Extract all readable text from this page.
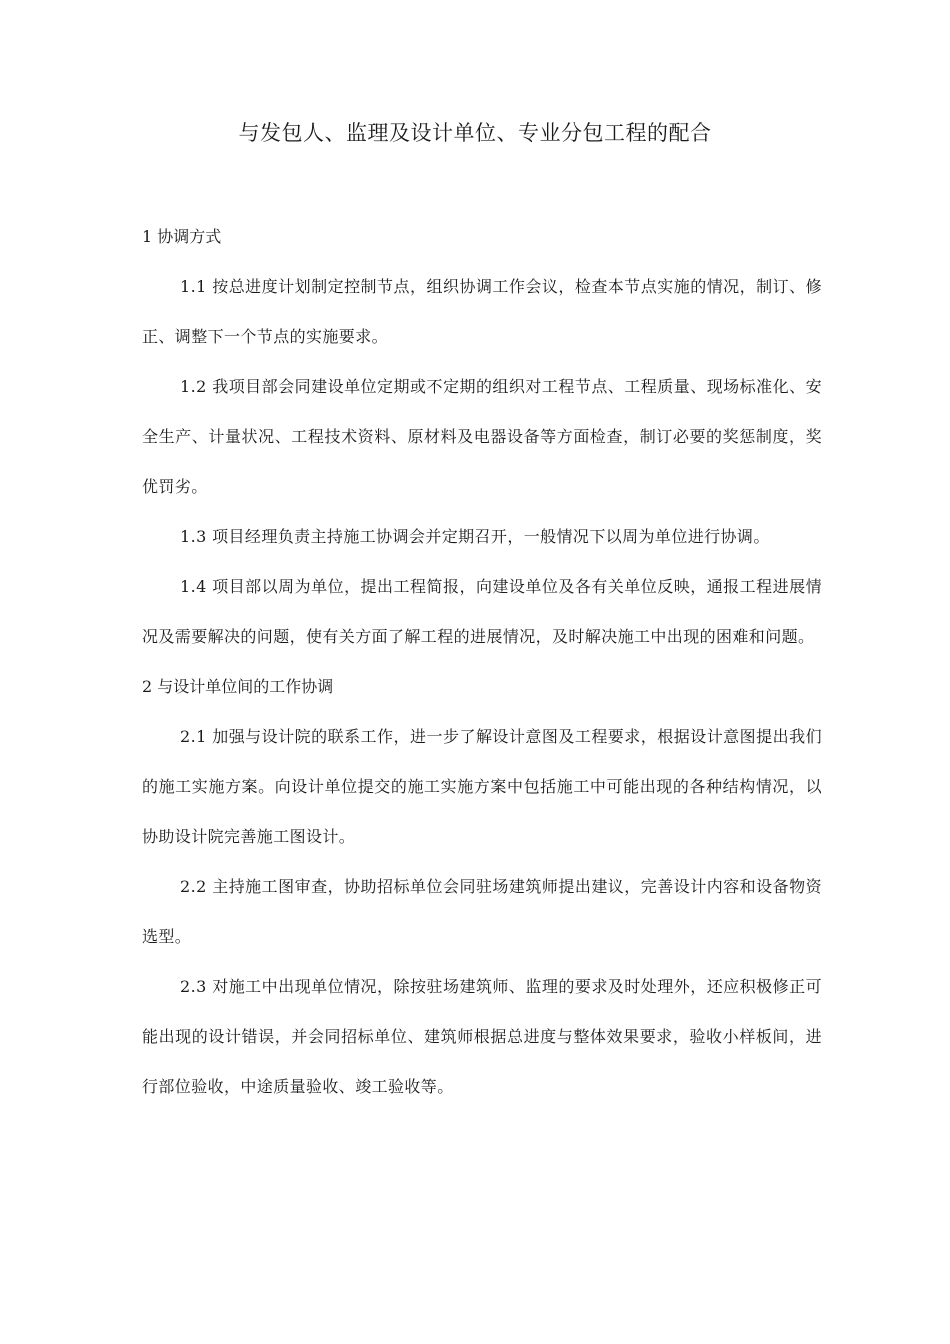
与发包人、监理及设计单位、专业分包工程的配合

1 协调方式

1.1 按总进度计划制定控制节点，组织协调工作会议，检查本节点实施的情况，制订、修正、调整下一个节点的实施要求。

1.2 我项目部会同建设单位定期或不定期的组织对工程节点、工程质量、现场标准化、安全生产、计量状况、工程技术资料、原材料及电器设备等方面检查，制订必要的奖惩制度，奖优罚劣。

1.3 项目经理负责主持施工协调会并定期召开，一般情况下以周为单位进行协调。

1.4 项目部以周为单位，提出工程简报，向建设单位及各有关单位反映，通报工程进展情况及需要解决的问题，使有关方面了解工程的进展情况，及时解决施工中出现的困难和问题。

2 与设计单位间的工作协调

2.1 加强与设计院的联系工作，进一步了解设计意图及工程要求，根据设计意图提出我们的施工实施方案。向设计单位提交的施工实施方案中包括施工中可能出现的各种结构情况，以协助设计院完善施工图设计。

2.2 主持施工图审查，协助招标单位会同驻场建筑师提出建议，完善设计内容和设备物资选型。

2.3 对施工中出现单位情况，除按驻场建筑师、监理的要求及时处理外，还应积极修正可能出现的设计错误，并会同招标单位、建筑师根据总进度与整体效果要求，验收小样板间，进行部位验收，中途质量验收、竣工验收等。
